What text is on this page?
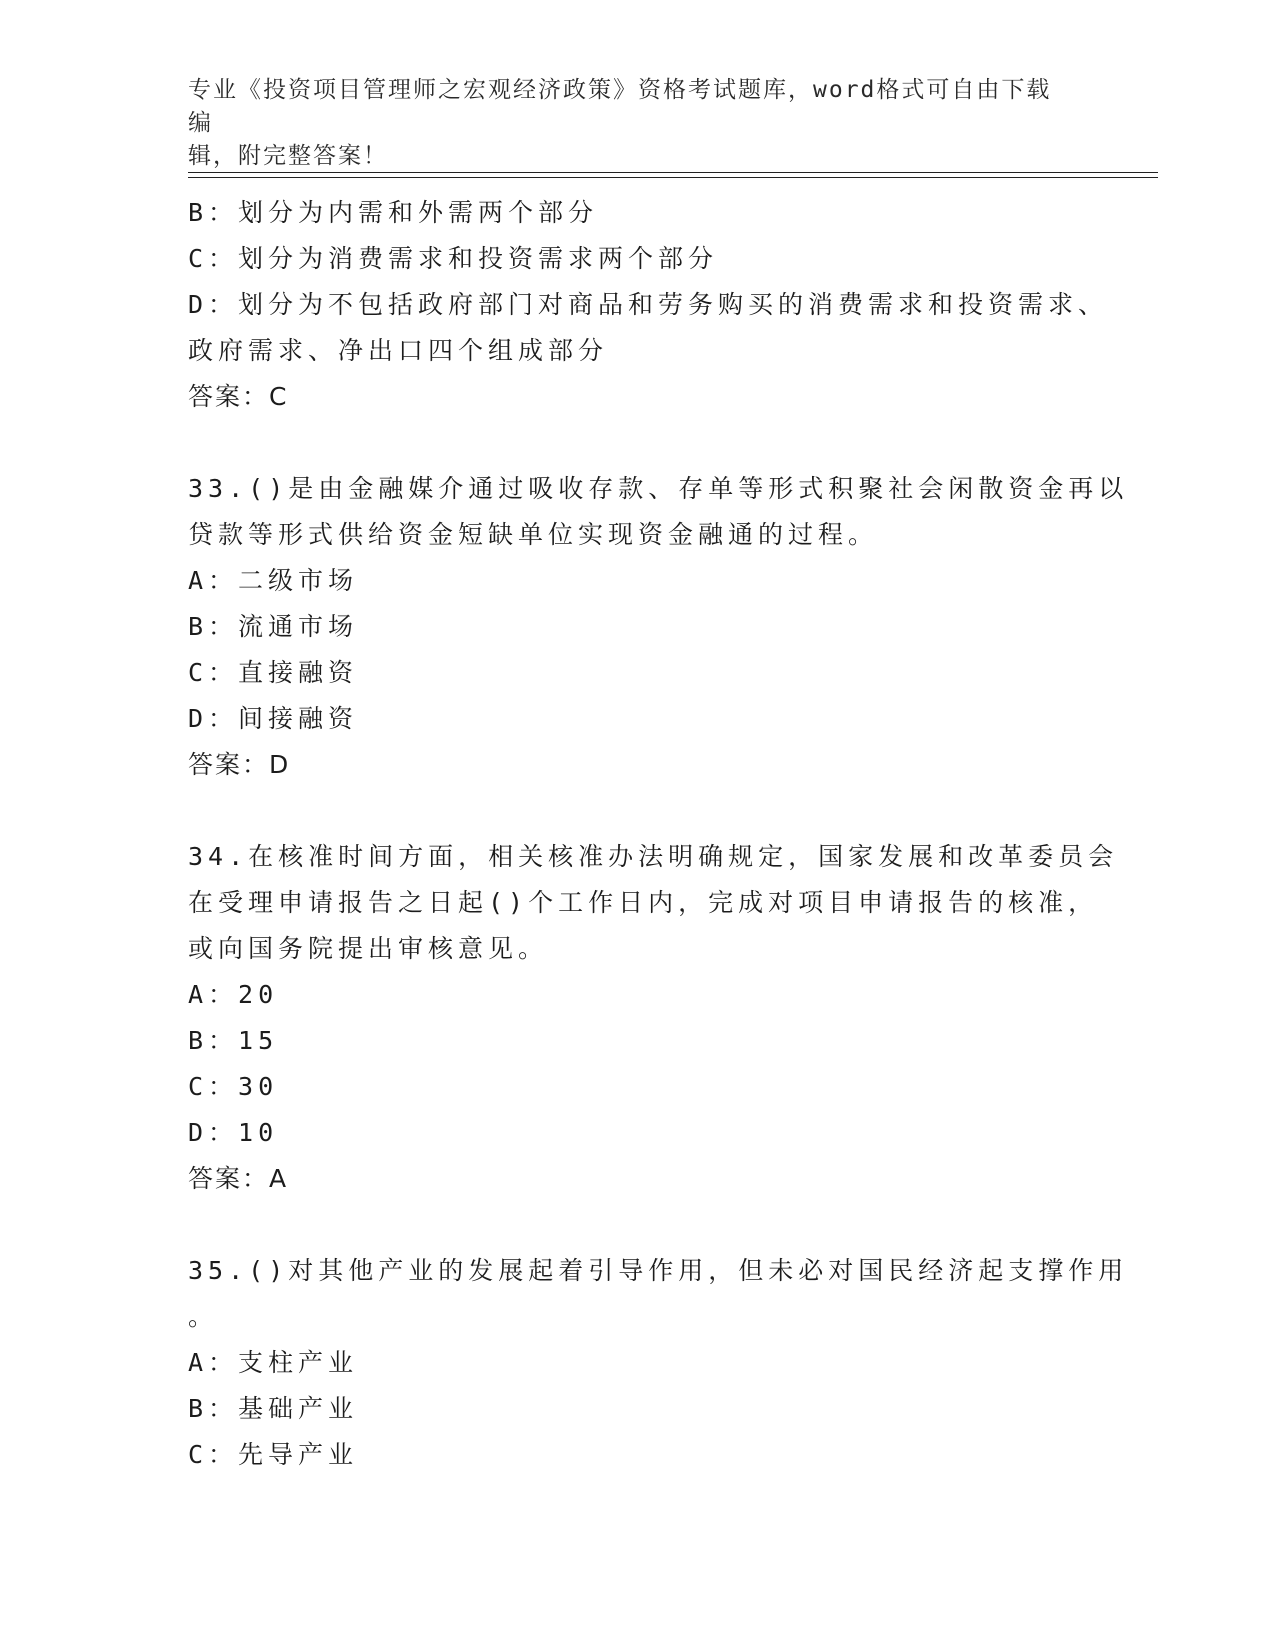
专业《投资项目管理师之宏观经济政策》资格考试题库，word格式可自由下载编
辑，附完整答案！
B：划分为内需和外需两个部分
C：划分为消费需求和投资需求两个部分
D：划分为不包括政府部门对商品和劳务购买的消费需求和投资需求、
政府需求、净出口四个组成部分
答案：C
33.()是由金融媒介通过吸收存款、存单等形式积聚社会闲散资金再以
贷款等形式供给资金短缺单位实现资金融通的过程。
A：二级市场
B：流通市场
C：直接融资
D：间接融资
答案：D
34.在核准时间方面，相关核准办法明确规定，国家发展和改革委员会
在受理申请报告之日起()个工作日内，完成对项目申请报告的核准，
或向国务院提出审核意见。
A：20
B：15
C：30
D：10
答案：A
35.()对其他产业的发展起着引导作用，但未必对国民经济起支撑作用
。
A：支柱产业
B：基础产业
C：先导产业
